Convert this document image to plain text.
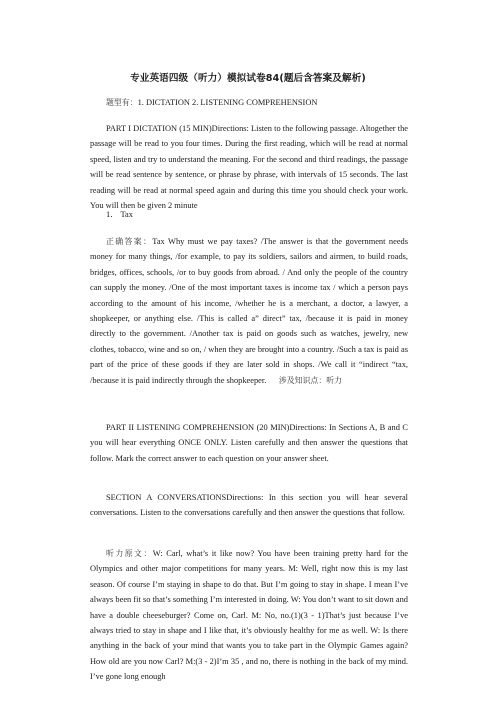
专业英语四级（听力）模拟试卷84(题后含答案及解析)
题型有：1. DICTATION 2. LISTENING COMPREHENSION

PART I DICTATION (15 MIN)Directions: Listen to the following passage. Altogether the passage will be read to you four times. During the first reading, which will be read at normal speed, listen and try to understand the meaning. For the second and third readings, the passage will be read sentence by sentence, or phrase by phrase, with intervals of 15 seconds. The last reading will be read at normal speed again and during this time you should check your work. You will then be given 2 minute

1． Tax

正确答案：Tax Why must we pay taxes? /The answer is that the government needs money for many things, /for example, to pay its soldiers, sailors and airmen, to build roads, bridges, offices, schools, /or to buy goods from abroad. / And only the people of the country can supply the money. /One of the most important taxes is income tax / which a person pays according to the amount of his income, /whether he is a merchant, a doctor, a lawyer, a shopkeeper, or anything else. /This is called a” direct” tax, /because it is paid in money directly to the government. /Another tax is paid on goods such as watches, jewelry, new clothes, tobacco, wine and so on, / when they are brought into a country. /Such a tax is paid as part of the price of these goods if they are later sold in shops. /We call it “indirect “tax, /because it is paid indirectly through the shopkeeper. 涉及知识点：听力

PART II LISTENING COMPREHENSION (20 MIN)Directions: In Sections A, B and C you will hear everything ONCE ONLY. Listen carefully and then answer the questions that follow. Mark the correct answer to each question on your answer sheet.

SECTION A CONVERSATIONSDirections: In this section you will hear several conversations. Listen to the conversations carefully and then answer the questions that follow.

听力原文：W: Carl, what’s it like now? You have been training pretty hard for the Olympics and other major competitions for many years. M: Well, right now this is my last season. Of course I’m staying in shape to do that. But I’m going to stay in shape. I mean I’ve always been fit so that’s something I’m interested in doing. W: You don’t want to sit down and have a double cheeseburger? Come on, Carl. M: No, no.(1)(3 - 1)That’s just because I’ve always tried to stay in shape and I like that, it’s obviously healthy for me as well. W: Is there anything in the back of your mind that wants you to take part in the Olympic Games again? How old are you now Carl? M:(3 - 2)I’m 35 , and no, there is nothing in the back of my mind. I’ve gone long enough
